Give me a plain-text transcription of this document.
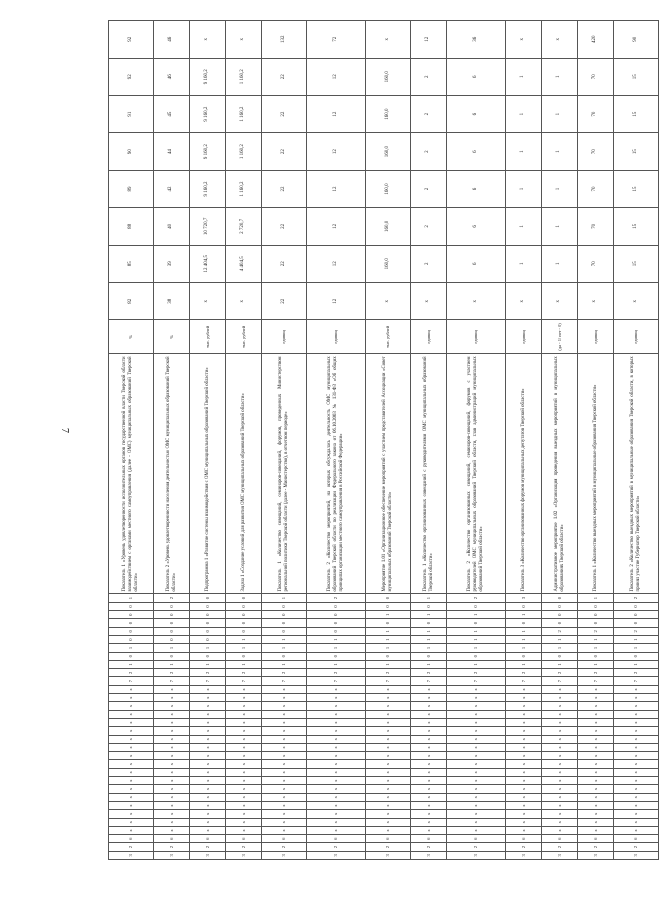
7
3	2	6	x	x	x	x	x	x	x	x	x	x	x	x	x	x	x	x	x	x	7	2	1	0	1	0	0	0	0	0	1	Показатель 1 «Уровень удовлетворенности исполнительных органов государственной власти Тверской области взаимодействием с органами местного самоуправления (далее - ОМС) муниципальных образований Тверской области»	%	82	85	88	89	90	91	92	92
3	2	6	x	x	x	x	x	x	x	x	x	x	x	x	x	x	x	x	x	x	7	2	1	0	1	0	0	0	0	0	2	Показатель 2 «Уровень удовлетворенности населения деятельностью ОМС муниципальных образований Тверской области»	%	38	39	40	42	44	45	46	46
3	2	6	x	x	x	x	x	x	x	x	x	x	x	x	x	x	x	x	x	x	7	2	1	0	1	0	0	0	0	0	0	Подпрограмма 1 «Развитие системы взаимодействия с ОМС муниципальных образований Тверской области»	тыс. рублей	x	12 404,5	10 720,7	9 160,2	9 160,2	9 160,2	9 160,2	x
3	2	6	x	x	x	x	x	x	x	x	x	x	x	x	x	x	x	x	x	x	7	2	1	0	1	1	0	0	0	0	0	Задача 1 «Создание условий для развития ОМС муниципальных образований Тверской области»	тыс. рублей	x	4 404,5	2 720,7	1 160,2	1 160,2	1 160,2	1 160,2	x
3	2	6	x	x	x	x	x	x	x	x	x	x	x	x	x	x	x	x	x	x	7	2	1	0	1	1	0	0	0	0	1	Показатель 1 «Количество совещаний, семинаров-совещаний, форумов, проведенных Министерством региональной политики Тверской области (далее - Министерство), в отчетном периоде»	единиц	22	22	22	22	22	22	22	132
3	2	6	x	x	x	x	x	x	x	x	x	x	x	x	x	x	x	x	x	x	7	2	1	0	1	1	0	0	0	0	2	Показатель 2 «Количество мероприятий, на которых обсуждалась деятельность ОМС муниципальных образований Тверской области по реализации Федерального закона от 06.10.2003 № 131-ФЗ «Об общих принципах организации местного самоуправления в Российской Федерации»	единиц	12	12	12	12	12	12	12	72
3	2	6	x	x	x	x	x	x	x	x	x	x	x	x	x	x	x	x	x	x	7	2	1	0	1	1	1	0	1	0	0	Мероприятие 1.01 «Организационное обеспечение мероприятий с участием представителей Ассоциации «Совет муниципальных образований Тверской области»	тыс. рублей	x	160,0	160,0	160,0	160,0	160,0	160,0	x
3	2	6	x	x	x	x	x	x	x	x	x	x	x	x	x	x	x	x	x	x	7	2	1	0	1	1	1	0	1	0	1	Показатель 1 «Количество организованных совещаний с руководителями ОМС муниципальных образований Тверской области»	единиц	x	2	2	2	2	2	2	12
3	2	6	x	x	x	x	x	x	x	x	x	x	x	x	x	x	x	x	x	x	7	2	1	0	1	1	1	0	1	0	2	Показатель 2 «Количество организованных совещаний, семинаров-совещаний, форумов с участием руководителей ОМС муниципальных образований Тверской области, глав администраций муниципальных образований Тверской области»	единиц	x	6	6	6	6	6	6	36
3	2	6	x	x	x	x	x	x	x	x	x	x	x	x	x	x	x	x	x	x	7	2	1	0	1	1	1	0	1	0	3	Показатель 3 «Количество организованных форумов муниципальных депутатов Тверской области»	единиц	x	1	1	1	1	1	1	x
3	2	6	x	x	x	x	x	x	x	x	x	x	x	x	x	x	x	x	x	x	7	2	1	0	1	1	2	0	0	0	0	Административное мероприятие 1.02 «Организация проведения выездных мероприятий в муниципальных образованиях Тверской области»	(да - 1/ нет - 0)	x	1	1	1	1	1	1	x
3	2	6	x	x	x	x	x	x	x	x	x	x	x	x	x	x	x	x	x	x	7	2	1	0	1	1	2	0	0	0	1	Показатель 1 «Количество выездных мероприятий в муниципальные образования Тверской области»	единиц	x	70	70	70	70	70	70	420
3	2	6	x	x	x	x	x	x	x	x	x	x	x	x	x	x	x	x	x	x	7	2	1	0	1	1	2	0	0	0	2	Показатель 2 «Количество выездных мероприятий в муниципальные образования Тверской области, в которых принял участие Губернатор Тверской области»	единиц	x	15	15	15	15	15	15	90
